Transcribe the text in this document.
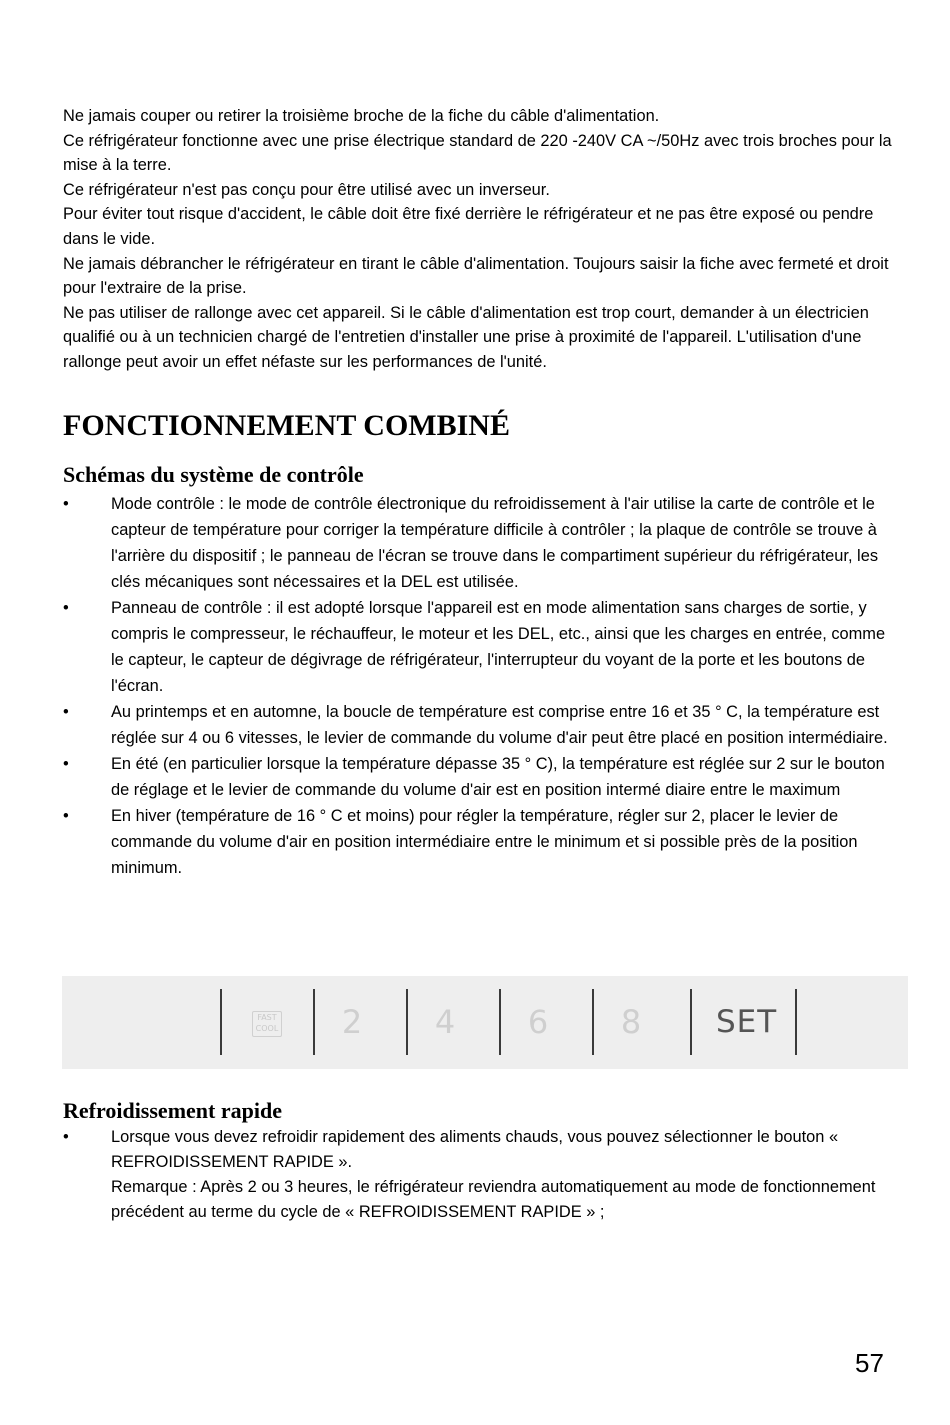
Ne jamais couper ou retirer la troisième broche de la fiche du câble d'alimentation.

Ce réfrigérateur fonctionne avec une prise électrique standard de 220 -240V CA ~/50Hz avec trois broches pour la mise à la terre.

Ce réfrigérateur n'est pas conçu pour être utilisé avec un inverseur.

Pour éviter tout risque d'accident, le câble doit être fixé derrière le réfrigérateur et ne pas être exposé ou pendre dans le vide.

Ne jamais débrancher le réfrigérateur en tirant le câble d'alimentation. Toujours saisir la fiche avec fermeté et droit pour l'extraire de la prise.

Ne pas utiliser de rallonge avec cet appareil. Si le câble d'alimentation est trop court, demander à un électricien qualifié ou à un technicien chargé de l'entretien d'installer une prise à proximité de l'appareil. L'utilisation d'une rallonge peut avoir un effet néfaste sur les performances de l'unité.

FONCTIONNEMENT COMBINÉ
Schémas du système de contrôle
• Mode contrôle : le mode de contrôle électronique du refroidissement à l'air utilise la carte de contrôle et le capteur de température pour corriger la température difficile à contrôler ; la plaque de contrôle se trouve à l'arrière du dispositif ; le panneau de l'écran se trouve dans le compartiment supérieur du réfrigérateur, les clés mécaniques sont nécessaires et la DEL est utilisée.
• Panneau de contrôle : il est adopté lorsque l'appareil est en mode alimentation sans charges de sortie, y compris le compresseur, le réchauffeur, le moteur et les DEL, etc., ainsi que les charges en entrée, comme le capteur, le capteur de dégivrage de réfrigérateur, l'interrupteur du voyant de la porte et les boutons de l'écran.
• Au printemps et en automne, la boucle de température est comprise entre 16 et 35 ° C, la température est réglée sur 4 ou 6 vitesses, le levier de commande du volume d'air peut être placé en position intermédiaire.
• En été (en particulier lorsque la température dépasse 35 ° C), la température est réglée sur 2 sur le bouton de réglage et le levier de commande du volume d'air est en position intermé diaire entre le maximum
• En hiver (température de 16 ° C et moins) pour régler la température, régler sur 2, placer le levier de commande du volume d'air en position intermédiaire entre le minimum et si possible près de la position minimum.
FAST
COOL	2	4	6	8	SET
Refroidissement rapide
• Lorsque vous devez refroidir rapidement des aliments chauds, vous pouvez sélectionner le bouton « REFROIDISSEMENT RAPIDE ».
Remarque : Après 2 ou 3 heures, le réfrigérateur reviendra automatiquement au mode de fonctionnement précédent au terme du cycle de « REFROIDISSEMENT RAPIDE » ;
57
